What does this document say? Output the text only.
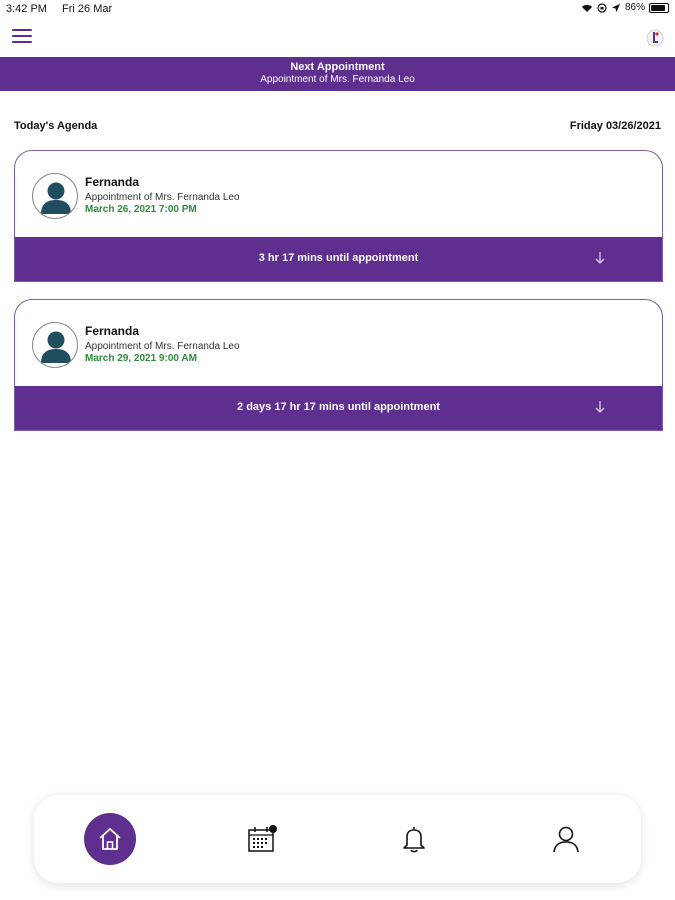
3:42 PM Fri 26 Mar	86%
Next Appointment
Appointment of Mrs. Fernanda Leo
Today's Agenda	Friday 03/26/2021
Fernanda
Appointment of Mrs. Fernanda Leo
March 26, 2021 7:00 PM
3 hr 17 mins until appointment
Fernanda
Appointment of Mrs. Fernanda Leo
March 29, 2021 9:00 AM
2 days 17 hr 17 mins until appointment
